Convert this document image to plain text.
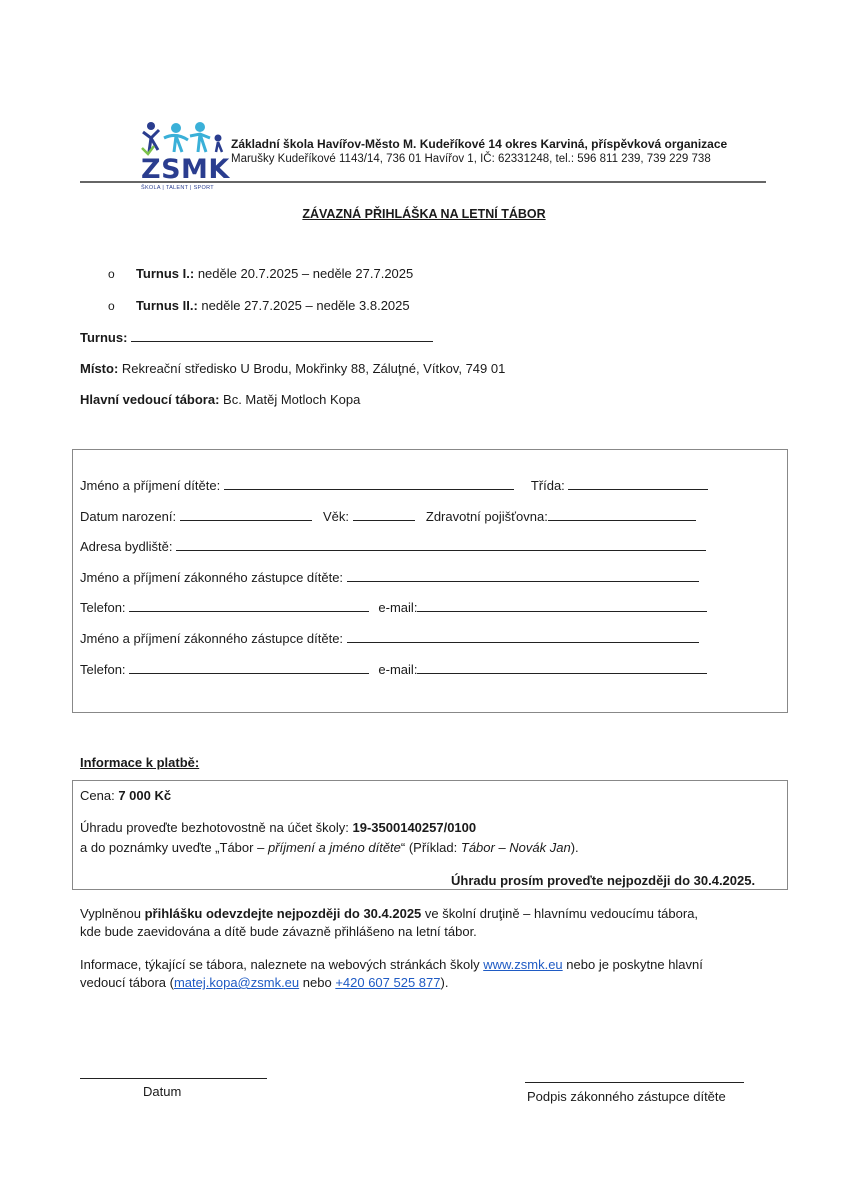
ZSMK
ŠKOLA | TALENT | SPORT
Základní škola Havířov-Město M. Kudeříkové 14 okres Karviná, příspěvková organizace
Marušky Kudeříkové 1143/14, 736 01 Havířov 1, IČ: 62331248, tel.: 596 811 239, 739 229 738
ZÁVAZNÁ PŘIHLÁŠKA NA LETNÍ TÁBOR
o Turnus I.: neděle 20.7.2025 – neděle 27.7.2025
o Turnus II.: neděle 27.7.2025 – neděle 3.8.2025
Turnus:
Místo: Rekreační středisko U Brodu, Mokřinky 88, Záluţné, Vítkov, 749 01
Hlavní vedoucí tábora: Bc. Matěj Motloch Kopa
Jméno a příjmení dítěte:	Třída:
Datum narození:	Věk:	Zdravotní pojišťovna:
Adresa bydliště:
Jméno a příjmení zákonného zástupce dítěte:
Telefon:	e-mail:
Jméno a příjmení zákonného zástupce dítěte:
Telefon:	e-mail:
Informace k platbě:
Cena: 7 000 Kč
Úhradu proveďte bezhotovostně na účet školy: 19-3500140257/0100
a do poznámky uveďte „Tábor – příjmení a jméno dítěte“ (Příklad: Tábor – Novák Jan).
Úhradu prosím proveďte nejpozději do 30.4.2025.
Vyplněnou přihlášku odevzdejte nejpozději do 30.4.2025 ve školní druţině – hlavnímu vedoucímu tábora,
kde bude zaevidována a dítě bude závazně přihlášeno na letní tábor.
Informace, týkající se tábora, naleznete na webových stránkách školy www.zsmk.eu nebo je poskytne hlavní
vedoucí tábora (matej.kopa@zsmk.eu nebo +420 607 525 877).
Datum	Podpis zákonného zástupce dítěte
